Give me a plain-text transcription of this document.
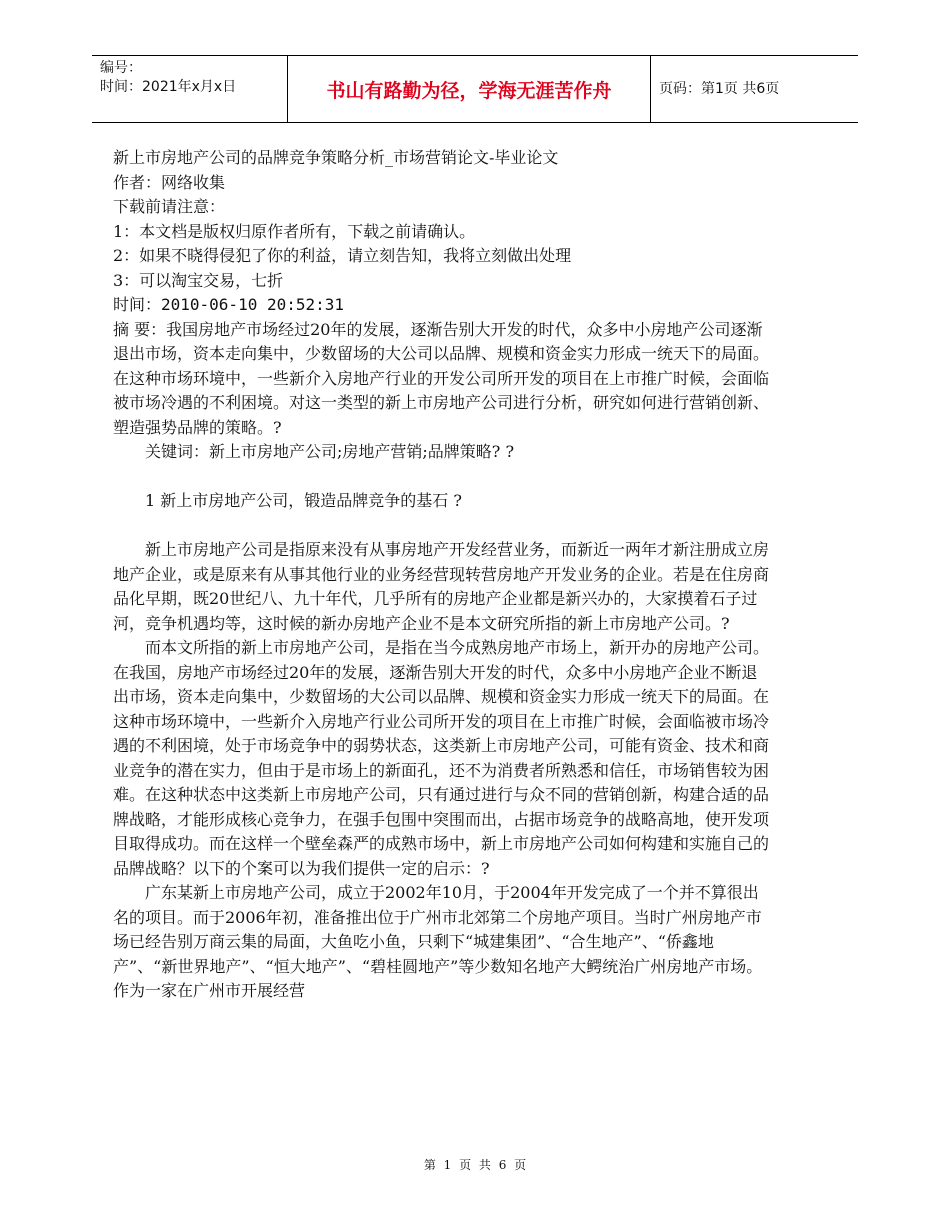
编号：
时间：2021年x月x日	书山有路勤为径，学海无涯苦作舟	页码：第1页 共6页

新上市房地产公司的品牌竞争策略分析_市场营销论文-毕业论文

作者：网络收集

下载前请注意：

1：本文档是版权归原作者所有，下载之前请确认。

2：如果不晓得侵犯了你的利益，请立刻告知，我将立刻做出处理

3：可以淘宝交易，七折

时间：2010-06-10 20:52:31

摘 要：我国房地产市场经过20年的发展，逐渐告别大开发的时代，众多中小房地产公司逐渐退出市场，资本走向集中，少数留场的大公司以品牌、规模和资金实力形成一统天下的局面。在这种市场环境中，一些新介入房地产行业的开发公司所开发的项目在上市推广时候，会面临被市场冷遇的不利困境。对这一类型的新上市房地产公司进行分析，研究如何进行营销创新、塑造强势品牌的策略。?

关键词：新上市房地产公司;房地产营销;品牌策略? ?

1 新上市房地产公司，锻造品牌竞争的基石 ?

新上市房地产公司是指原来没有从事房地产开发经营业务，而新近一两年才新注册成立房地产企业，或是原来有从事其他行业的业务经营现转营房地产开发业务的企业。若是在住房商品化早期，既20世纪八、九十年代，几乎所有的房地产企业都是新兴办的，大家摸着石子过河，竞争机遇均等，这时候的新办房地产企业不是本文研究所指的新上市房地产公司。?

而本文所指的新上市房地产公司，是指在当今成熟房地产市场上，新开办的房地产公司。在我国，房地产市场经过20年的发展，逐渐告别大开发的时代，众多中小房地产企业不断退出市场，资本走向集中，少数留场的大公司以品牌、规模和资金实力形成一统天下的局面。在这种市场环境中，一些新介入房地产行业公司所开发的项目在上市推广时候，会面临被市场冷遇的不利困境，处于市场竞争中的弱势状态，这类新上市房地产公司，可能有资金、技术和商业竞争的潜在实力，但由于是市场上的新面孔，还不为消费者所熟悉和信任，市场销售较为困难。在这种状态中这类新上市房地产公司，只有通过进行与众不同的营销创新，构建合适的品牌战略，才能形成核心竞争力，在强手包围中突围而出，占据市场竞争的战略高地，使开发项目取得成功。而在这样一个壁垒森严的成熟市场中，新上市房地产公司如何构建和实施自己的品牌战略？以下的个案可以为我们提供一定的启示：?

广东某新上市房地产公司，成立于2002年10月，于2004年开发完成了一个并不算很出名的项目。而于2006年初，准备推出位于广州市北郊第二个房地产项目。当时广州房地产市场已经告别万商云集的局面，大鱼吃小鱼，只剩下“城建集团”、“合生地产”、“侨鑫地产”、“新世界地产”、“恒大地产”、“碧桂圆地产”等少数知名地产大鳄统治广州房地产市场。作为一家在广州市开展经营

第 1 页 共 6 页
